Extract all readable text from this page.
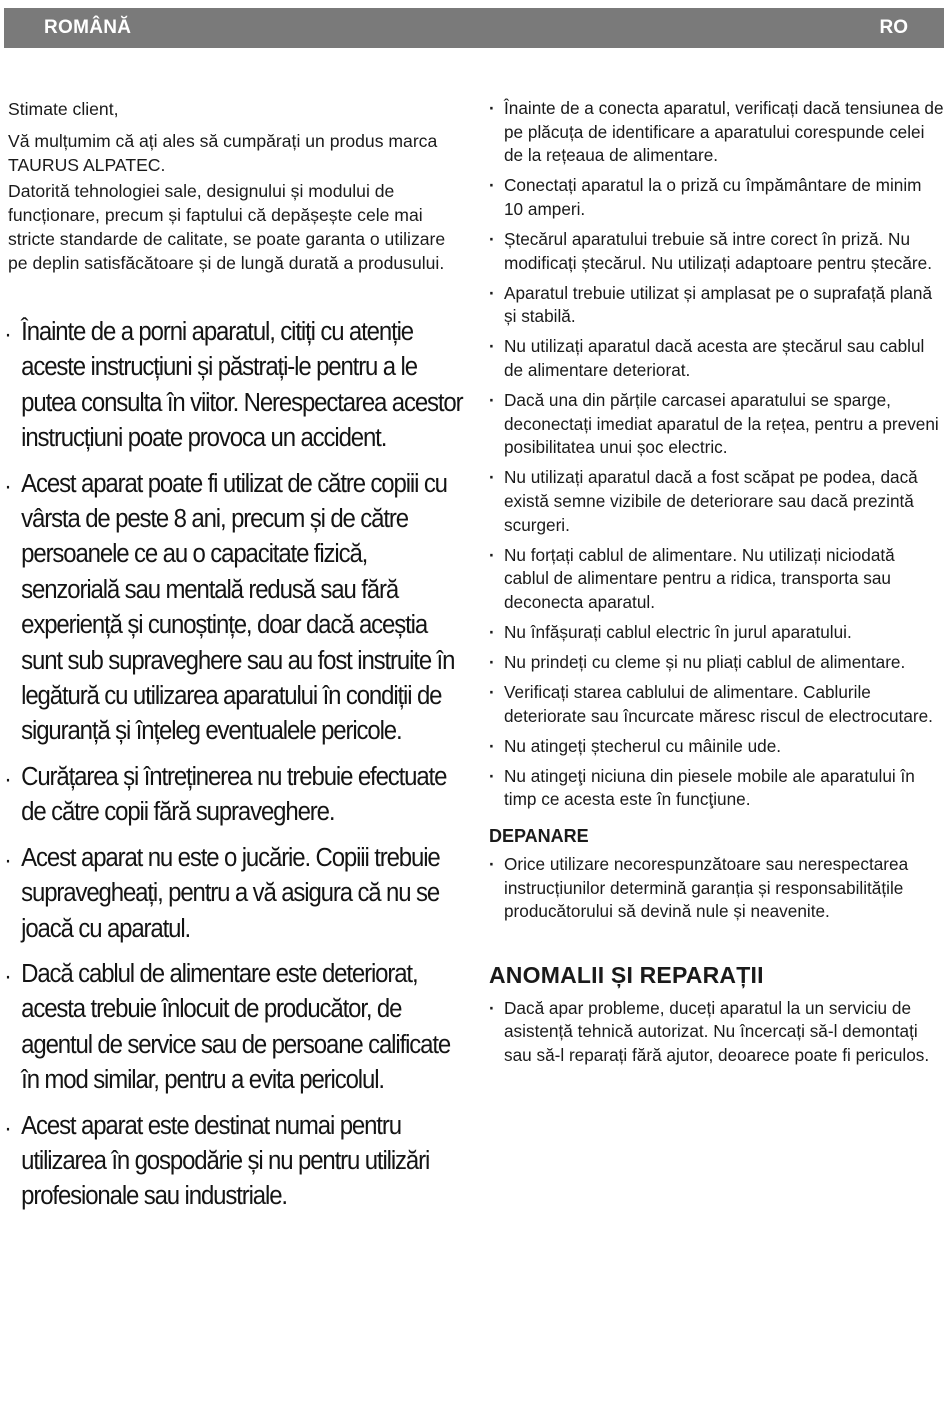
ROMÂNĂ	RO

Stimate client,

Vă mulțumim că ați ales să cumpărați un produs marca TAURUS ALPATEC.

Datorită tehnologiei sale, designului și modului de funcționare, precum și faptului că depășește cele mai stricte standarde de calitate, se poate garanta o utilizare pe deplin satisfăcătoare și de lungă durată a produsului.

· Înainte de a porni aparatul, citiți cu atenție aceste instrucțiuni și păstrați-le pentru a le putea consulta în viitor. Nerespectarea acestor instrucțiuni poate provoca un accident.
· Acest aparat poate fi utilizat de către copiii cu vârsta de peste 8 ani, precum și de către persoanele ce au o capacitate fizică, senzorială sau mentală redusă sau fără experiență și cunoștințe, doar dacă aceștia sunt sub supraveghere sau au fost instruite în legătură cu utilizarea aparatului în condiții de siguranță și înțeleg eventualele pericole.
· Curățarea și întreținerea nu trebuie efectuate de către copii fără supraveghere.
· Acest aparat nu este o jucărie. Copiii trebuie supravegheați, pentru a vă asigura că nu se joacă cu aparatul.
· Dacă cablul de alimentare este deteriorat, acesta trebuie înlocuit de producător, de agentul de service sau de persoane calificate în mod similar, pentru a evita pericolul.
· Acest aparat este destinat numai pentru utilizarea în gospodărie și nu pentru utilizări profesionale sau industriale.
· Înainte de a conecta aparatul, verificați dacă tensiunea de pe plăcuța de identificare a aparatului corespunde celei de la rețeaua de alimentare.
· Conectați aparatul la o priză cu împământare de minim 10 amperi.
· Ștecărul aparatului trebuie să intre corect în priză. Nu modificați ștecărul. Nu utilizați adaptoare pentru ștecăre.
· Aparatul trebuie utilizat și amplasat pe o suprafață plană și stabilă.
· Nu utilizați aparatul dacă acesta are ștecărul sau cablul de alimentare deteriorat.
· Dacă una din părțile carcasei aparatului se sparge, deconectați imediat aparatul de la rețea, pentru a preveni posibilitatea unui șoc electric.
· Nu utilizați aparatul dacă a fost scăpat pe podea, dacă există semne vizibile de deteriorare sau dacă prezintă scurgeri.
· Nu forțați cablul de alimentare. Nu utilizați niciodată cablul de alimentare pentru a ridica, transporta sau deconecta aparatul.
· Nu înfășurați cablul electric în jurul aparatului.
· Nu prindeți cu cleme și nu pliați cablul de alimentare.
· Verificați starea cablului de alimentare. Cablurile deteriorate sau încurcate măresc riscul de electrocutare.
· Nu atingeți ștecherul cu mâinile ude.
· Nu atingeţi niciuna din piesele mobile ale aparatului în timp ce acesta este în funcţiune.
DEPANARE
· Orice utilizare necorespunzătoare sau nerespectarea instrucțiunilor determină garanția și responsabilitățile producătorului să devină nule și neavenite.
ANOMALII ȘI REPARAȚII
· Dacă apar probleme, duceți aparatul la un serviciu de asistență tehnică autorizat. Nu încercați să-l demontați sau să-l reparați fără ajutor, deoarece poate fi periculos.
